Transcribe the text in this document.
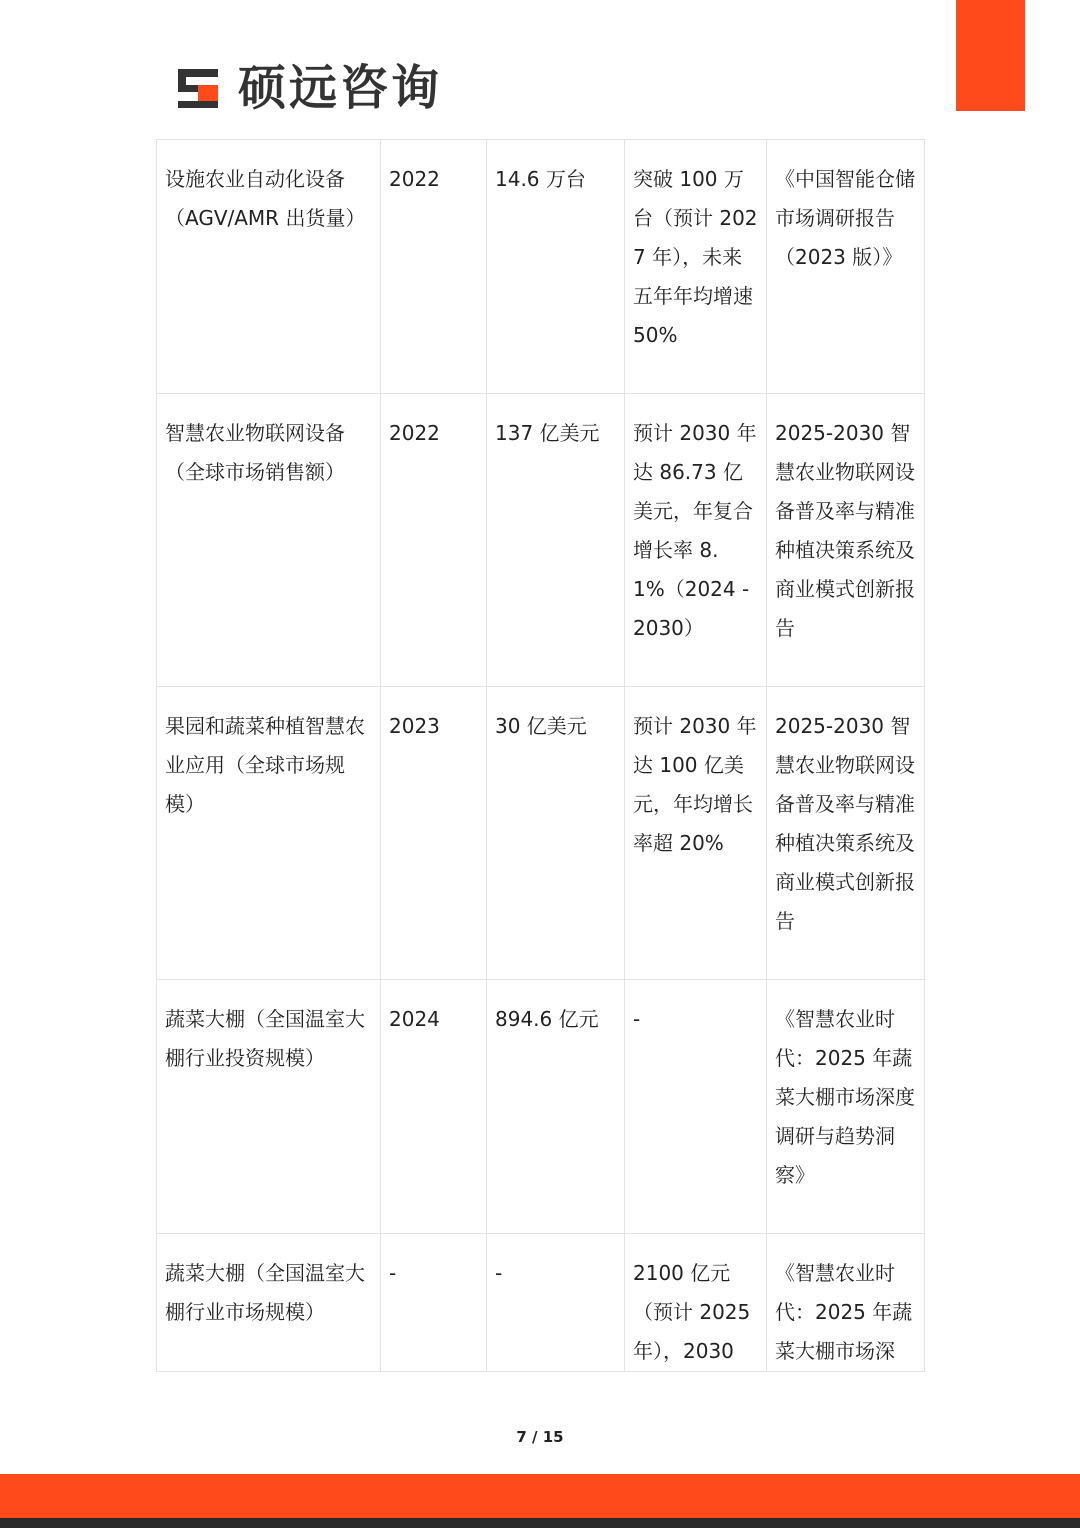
硕远咨询
设施农业自动化设备（AGV/AMR 出货量）	2022	14.6 万台	突破 100 万台（预计 2027 年），未来五年年均增速 50%	《中国智能仓储市场调研报告（2023 版）》
智慧农业物联网设备（全球市场销售额）	2022	137 亿美元	预计 2030 年达 86.73 亿美元，年复合增长率 8.1%（2024 - 2030）	2025-2030 智慧农业物联网设备普及率与精准种植决策系统及商业模式创新报告
果园和蔬菜种植智慧农业应用（全球市场规模）	2023	30 亿美元	预计 2030 年达 100 亿美元，年均增长率超 20%	2025-2030 智慧农业物联网设备普及率与精准种植决策系统及商业模式创新报告
蔬菜大棚（全国温室大棚行业投资规模）	2024	894.6 亿元	-	《智慧农业时代：2025 年蔬菜大棚市场深度调研与趋势洞察》

蔬菜大棚（全国温室大棚行业市场规模）	-	-	2100 亿元（预计 2025 年），2030	《智慧农业时代：2025 年蔬菜大棚市场深
7 / 15
